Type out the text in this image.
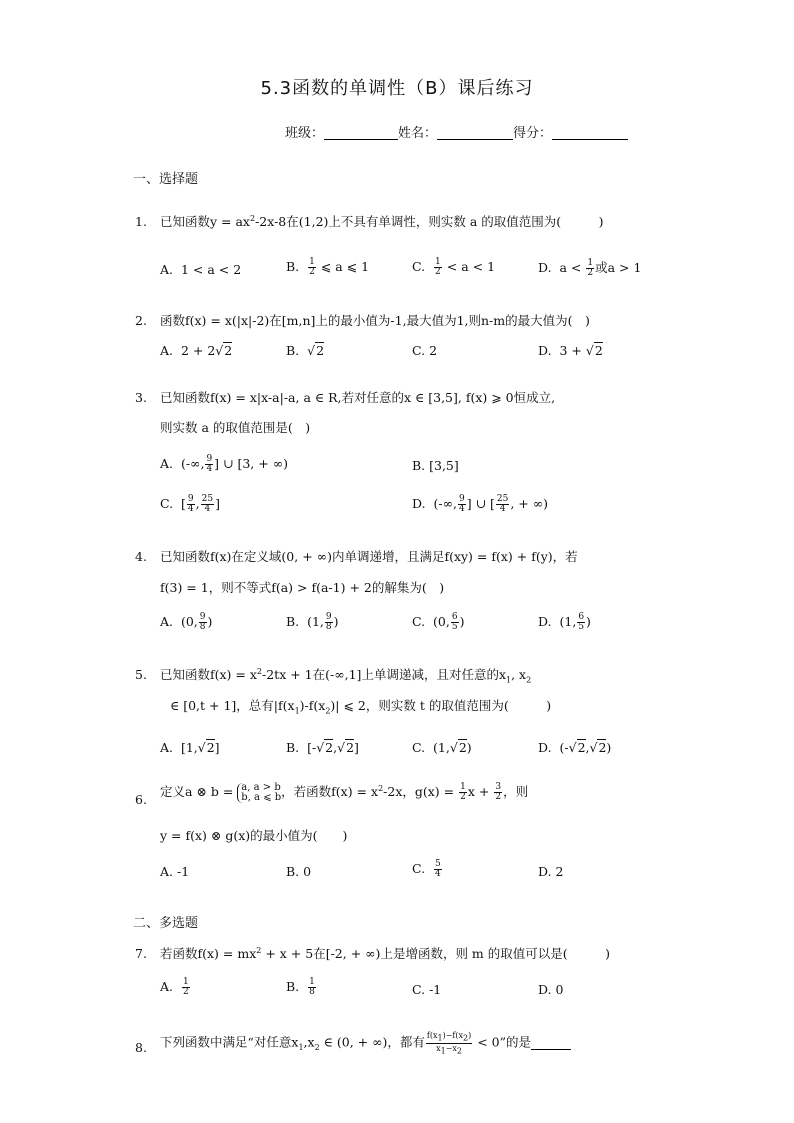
5.3函数的单调性（B）课后练习
班级：	姓名：	得分：
一、选择题
1. 已知函数$y = ax^2-2x-8$在(1,2)上不具有单调性，则实数 a 的取值范围为(　　　)
A.  1 < a < 2	B. $\frac{1}{2}$ ⩽ a ⩽ 1	C. $\frac{1}{2} < a < 1$	D.  $a < \frac{1}{2}$ 或a > 1
2. 函数f(x) = x(|x|-2)在[m,n]上的最小值为-1,最大值为1,则n-m的最大值为(　)
A.  2 + 2√2	B.  √2	C. 2	D.  3 + √2
3. 已知函数f(x) = x|x-a|-a, a ∈ R,若对任意的x ∈ [3,5], f(x) ⩾ 0恒成立,
则实数 a 的取值范围是(　)
A.  (-∞, $\frac{9}{4}$ ] ∪ [3, + ∞)	B. [3,5]
C.  [ $\frac{9}{4}$ , $\frac{25}{4}$ ]	D.  (-∞, $\frac{9}{4}$ ] ∪ [ $\frac{25}{4}$ , + ∞)
4. 已知函数f(x)在定义域(0, + ∞)内单调递增，且满足f(xy) = f(x) + f(y)，若
f(3) = 1，则不等式f(a) > f(a-1) + 2的解集为(　)
A.  (0, $\frac{9}{8}$ )	B.  (1, $\frac{9}{8}$ )	C.  (0, $\frac{6}{5}$ )	D.  (1, $\frac{6}{5}$ )
5. 已知函数$f(x) = x^2-2tx + 1$在(-∞,1]上单调递减，且对任意的$x_1$, $x_2$
∈ [0,t + 1]，总有$|f(x_1)-f(x_2)|$ ⩽ 2，则实数 t 的取值范围为(　　　)
A.  [1,√2]	B.  [-√2,√2]	C.  (1,√2)	D.  (-√2,√2)
6.
定义a ⊗ b = a, a > b
b, a ⩽ b，若函数$f(x) = x^2-2x$，$g(x) = \frac{1}{2}$ $x + \frac{3}{2}$ ，则
y = f(x) ⊗ g(x)的最小值为(　　)
A. -1	B. 0	C. $\frac{5}{4}$	D. 2
二、多选题
7. 若函数$f(x) = mx^2 + x + 5$在[-2, + ∞)上是增函数，则 m 的取值可以是(　　　)
A. $\frac{1}{2}$	B. $\frac{1}{8}$	C. -1	D. 0
8. 下列函数中满足“对任意$x_1,x_2$ ∈ (0, + ∞)，都有 $\frac{f(x_1)-f(x_2)}{x_1-x_2} < 0$”的是
